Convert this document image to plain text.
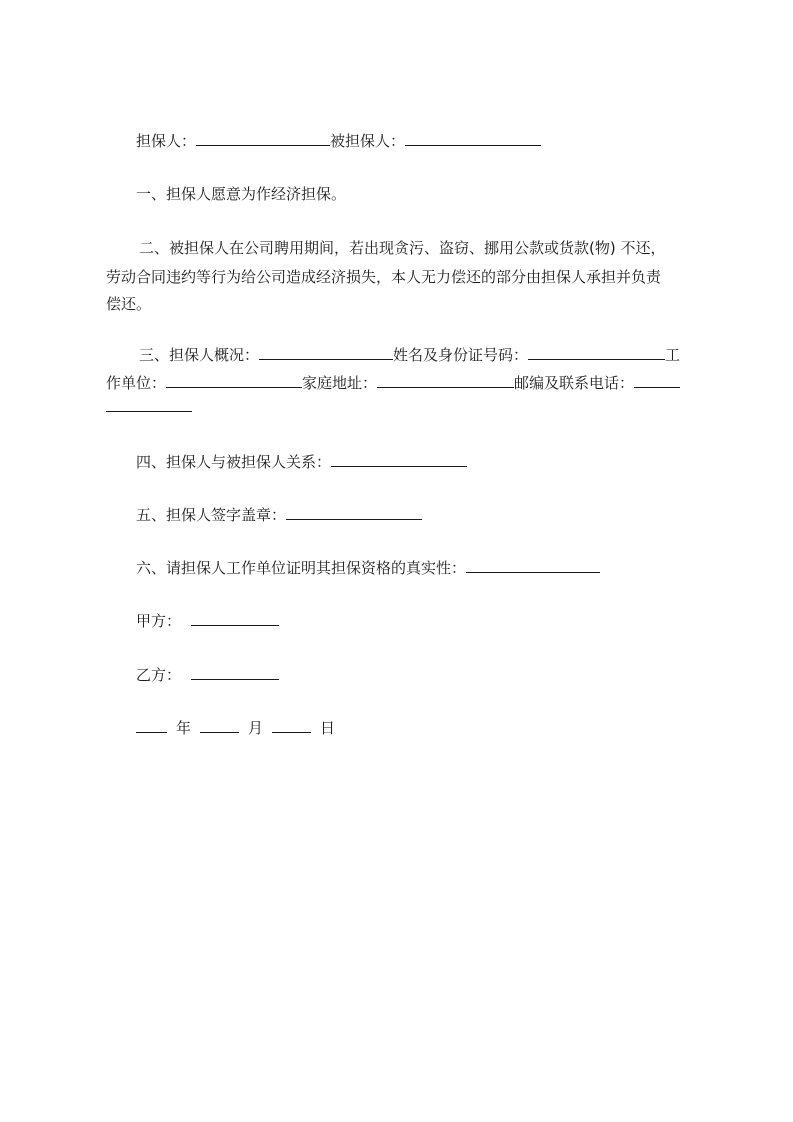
担保人：	被担保人：
一、担保人愿意为作经济担保。
二、被担保人在公司聘用期间，若出现贪污、盗窃、挪用公款或货款(物) 不还，
劳动合同违约等行为给公司造成经济损失，本人无力偿还的部分由担保人承担并负责
偿还。
三、担保人概况：	姓名及身份证号码：	工
作单位：	家庭地址：	邮编及联系电话：
四、担保人与被担保人关系：
五、担保人签字盖章：
六、请担保人工作单位证明其担保资格的真实性：
甲方：
乙方：
年	月	日
